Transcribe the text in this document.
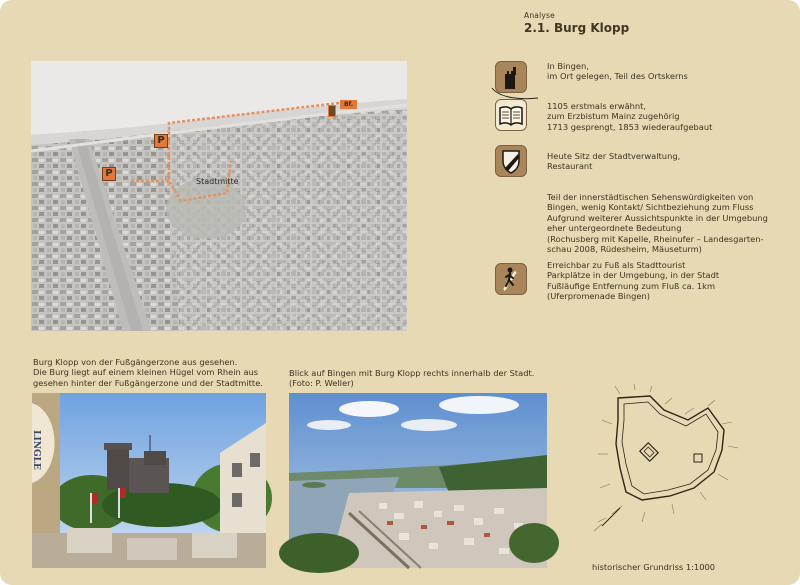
Analyse
2.1. Burg Klopp
P
P
Bf.
Stadtmitte
In Bingen,
im Ort gelegen, Teil des Ortskerns
1105 erstmals erwähnt,
zum Erzbistum Mainz zugehörig
1713 gesprengt, 1853 wiederaufgebaut
Heute Sitz der Stadtverwaltung,
Restaurant
Teil der innerstädtischen Sehenswürdigkeiten von
Bingen, wenig Kontakt/ Sichtbeziehung zum Fluss
Aufgrund weiterer Aussichtspunkte in der Umgebung
eher untergeordnete Bedeutung
(Rochusberg mit Kapelle, Rheinufer – Landesgarten-
schau 2008, Rüdesheim, Mäuseturm)
Erreichbar zu Fuß als Stadttourist
Parkplätze in der Umgebung, in der Stadt
Fußläufige Entfernung zum Fluß ca. 1km
(Uferpromenade Bingen)
Burg Klopp von der Fußgängerzone aus gesehen.
Die Burg liegt auf einem kleinen Hügel vom Rhein aus
gesehen hinter der Fußgängerzone und der Stadtmitte.
Blick auf Bingen mit Burg Klopp rechts innerhalb der Stadt.
(Foto: P. Weller)
LINGLE
historischer Grundriss 1:1000
